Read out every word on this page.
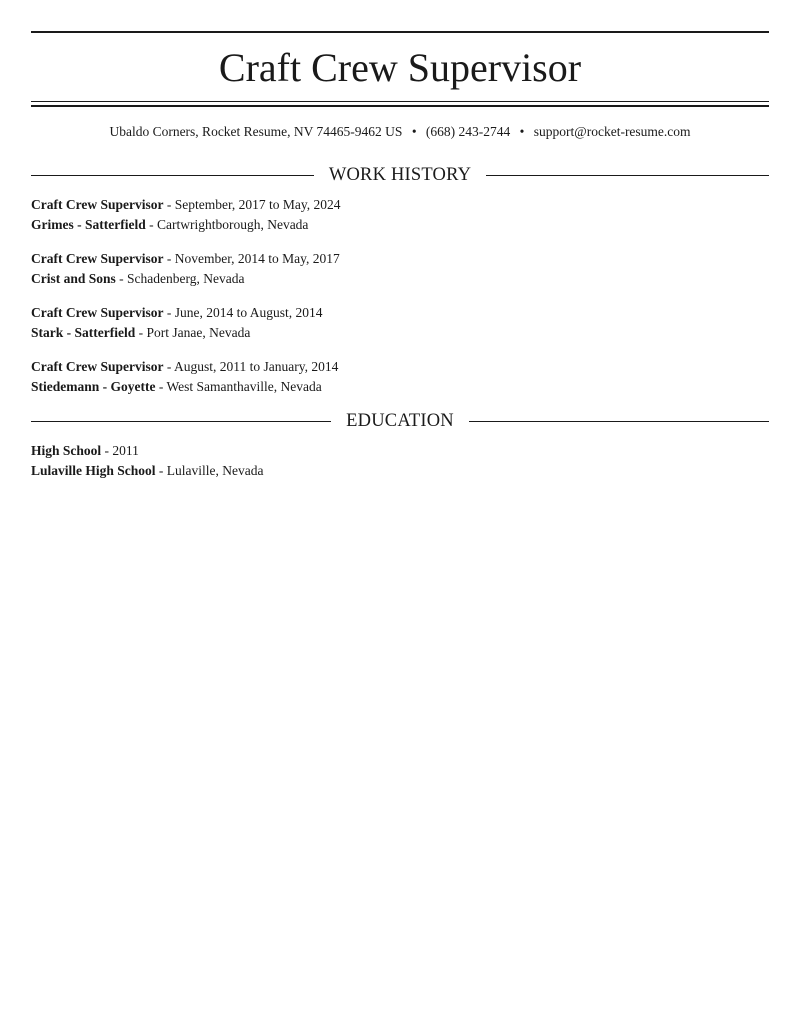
Craft Crew Supervisor
Ubaldo Corners, Rocket Resume, NV 74465-9462 US • (668) 243-2744 • support@rocket-resume.com
WORK HISTORY
Craft Crew Supervisor - September, 2017 to May, 2024
Grimes - Satterfield - Cartwrightborough, Nevada
Craft Crew Supervisor - November, 2014 to May, 2017
Crist and Sons - Schadenberg, Nevada
Craft Crew Supervisor - June, 2014 to August, 2014
Stark - Satterfield - Port Janae, Nevada
Craft Crew Supervisor - August, 2011 to January, 2014
Stiedemann - Goyette - West Samanthaville, Nevada
EDUCATION
High School - 2011
Lulaville High School - Lulaville, Nevada
